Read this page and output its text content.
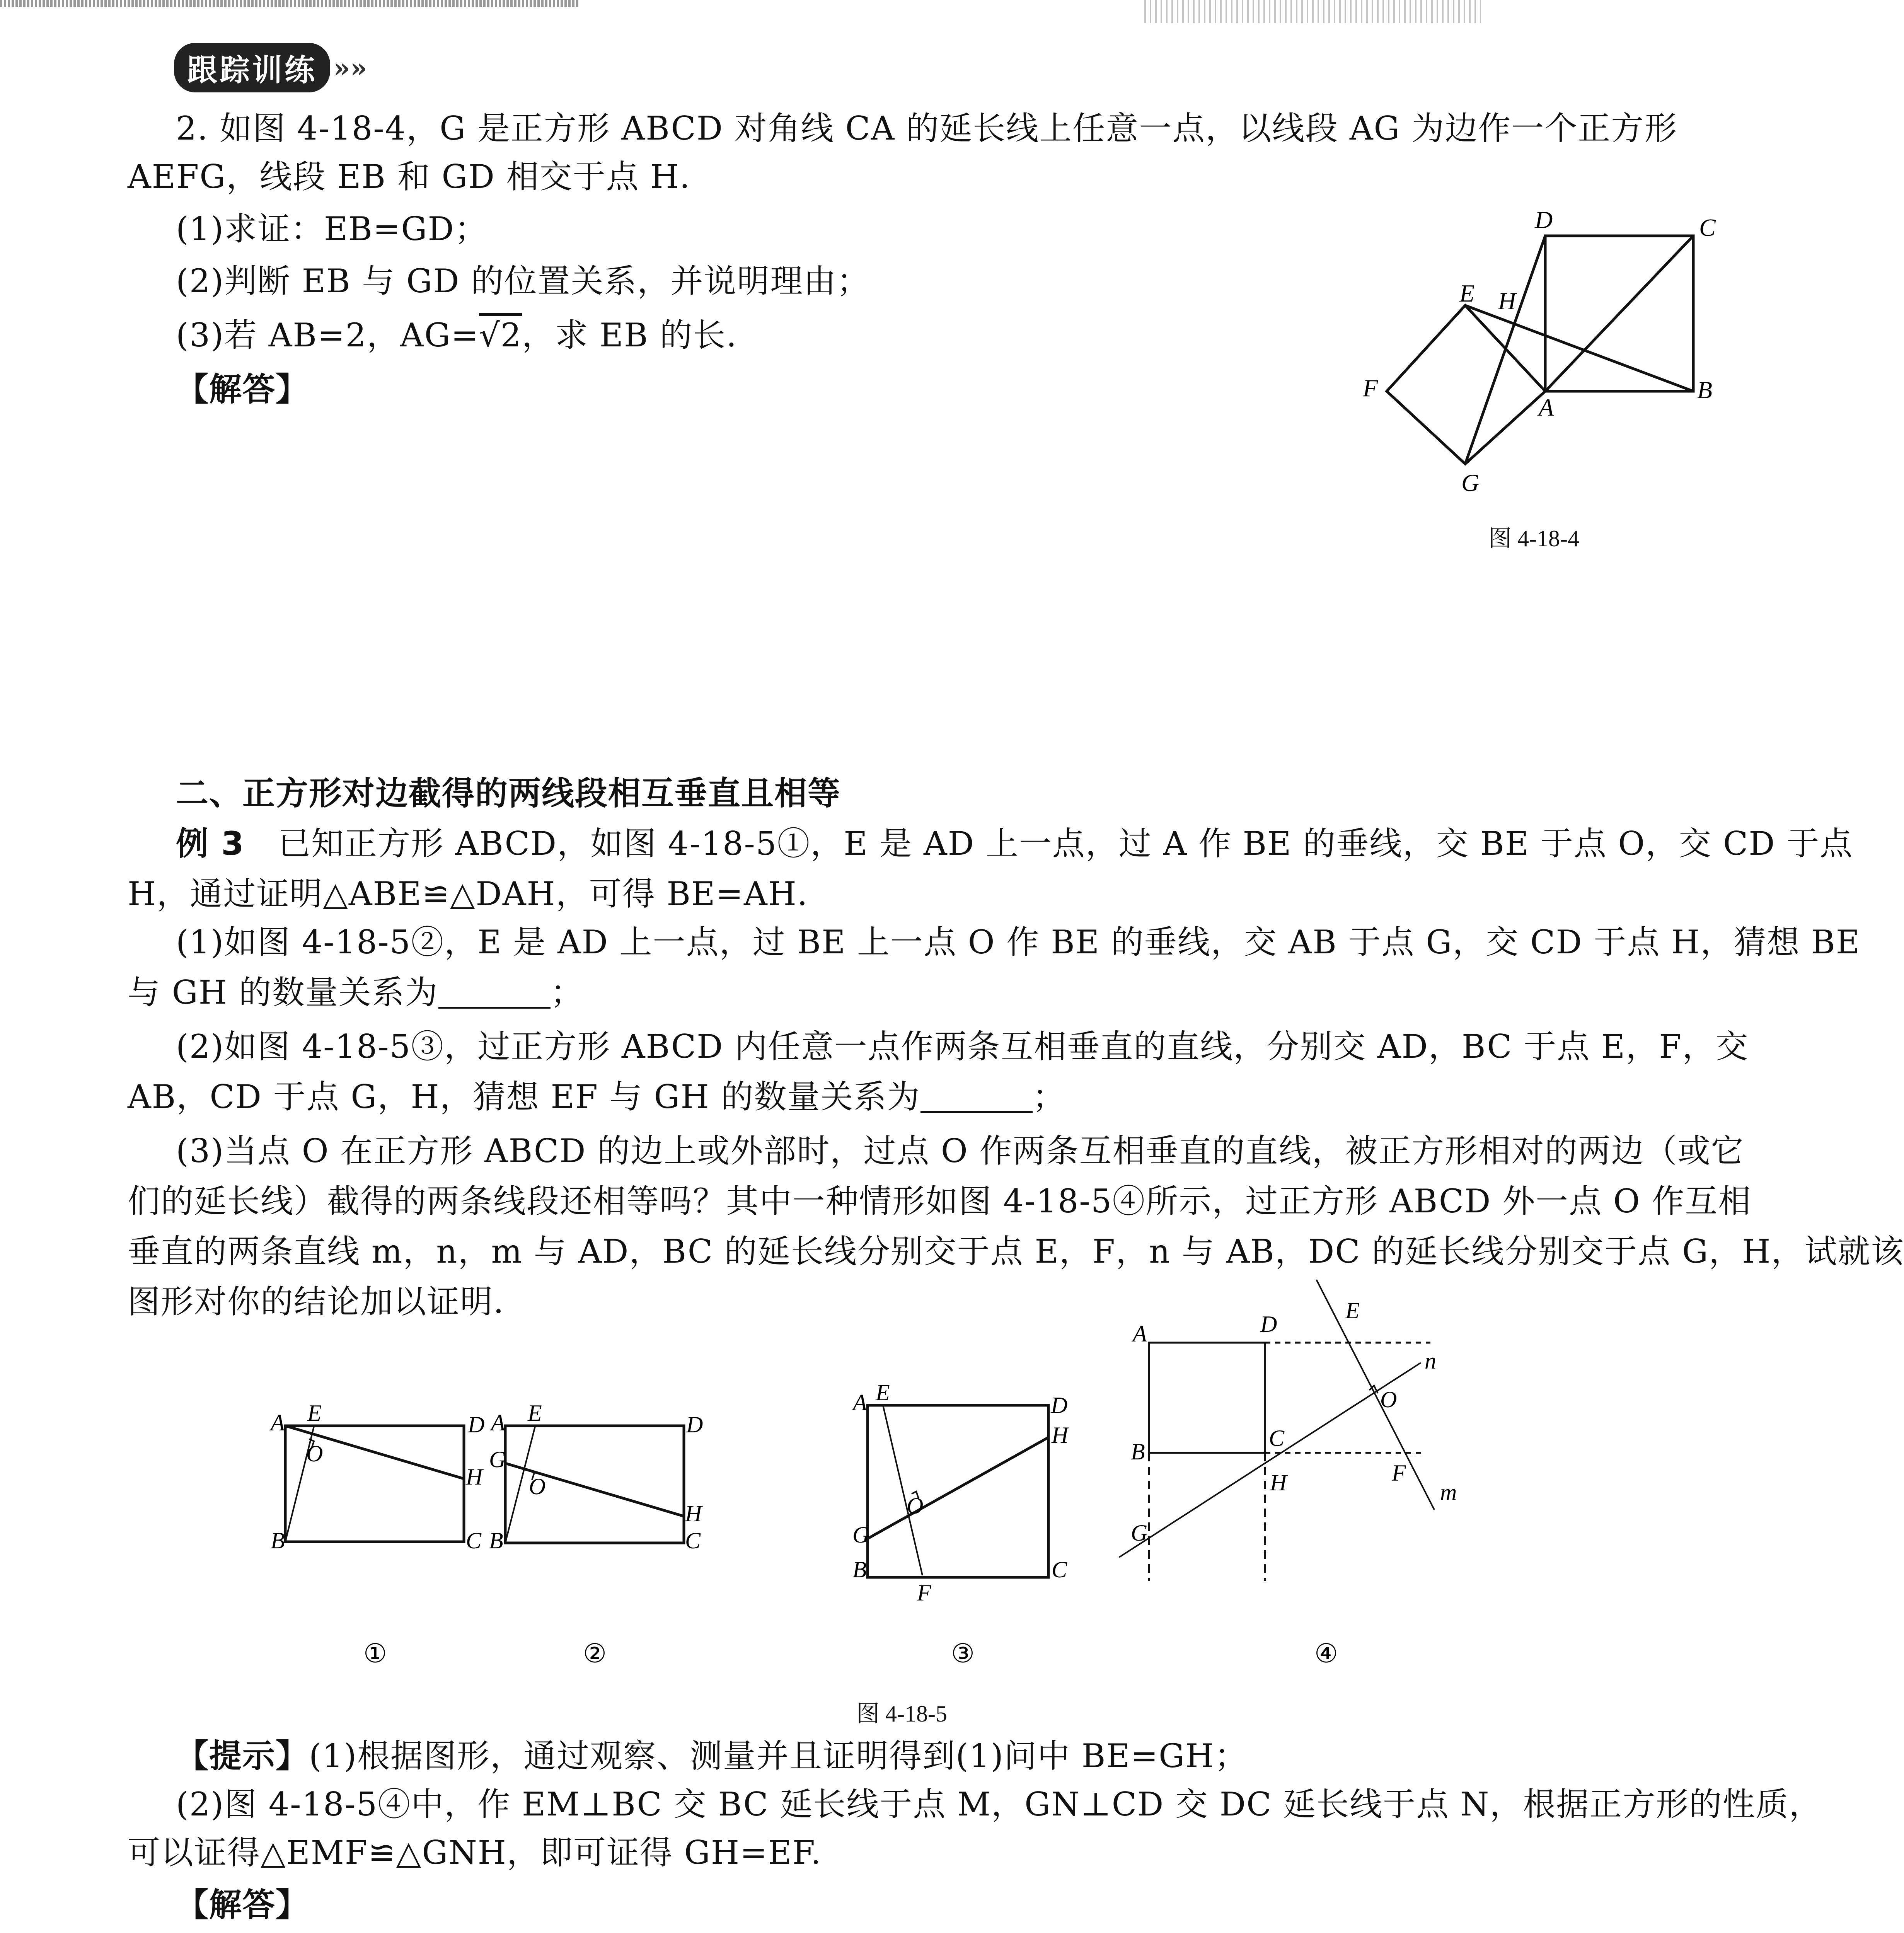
跟踪训练 »»
2. 如图 4-18-4，G 是正方形 ABCD 对角线 CA 的延长线上任意一点，以线段 AG 为边作一个正方形
AEFG，线段 EB 和 GD 相交于点 H.
(1)求证：EB=GD；
(2)判断 EB 与 GD 的位置关系，并说明理由；
(3)若 AB=2，AG=√2，求 EB 的长.
【解答】
D	C
E H
F
A
B
G
图 4-18-4
二、正方形对边截得的两线段相互垂直且相等
例 3 已知正方形 ABCD，如图 4-18-5①，E 是 AD 上一点，过 A 作 BE 的垂线，交 BE 于点 O，交 CD 于点
H，通过证明△ABE≌△DAH，可得 BE=AH.
(1)如图 4-18-5②，E 是 AD 上一点，过 BE 上一点 O 作 BE 的垂线，交 AB 于点 G，交 CD 于点 H，猜想 BE
与 GH 的数量关系为	；
(2)如图 4-18-5③，过正方形 ABCD 内任意一点作两条互相垂直的直线，分别交 AD，BC 于点 E，F，交
AB，CD 于点 G，H，猜想 EF 与 GH 的数量关系为	；
(3)当点 O 在正方形 ABCD 的边上或外部时，过点 O 作两条互相垂直的直线，被正方形相对的两边（或它
们的延长线）截得的两条线段还相等吗？其中一种情形如图 4-18-5④所示，过正方形 ABCD 外一点 O 作互相
垂直的两条直线 m，n，m 与 AD，BC 的延长线分别交于点 E，F，n 与 AB，DC 的延长线分别交于点 G，H，试就该
图形对你的结论加以证明.
A E	D
O
H
B	C
A E	D
G
O
H
B	C
A E	D
H
O
G
B	C
F
A	D
E
n
O
B
C
F
H	m
G
①	②	③	④
图 4-18-5
【提示】(1)根据图形，通过观察、测量并且证明得到(1)问中 BE=GH；
(2)图 4-18-5④中，作 EM⊥BC 交 BC 延长线于点 M，GN⊥CD 交 DC 延长线于点 N，根据正方形的性质，
可以证得△EMF≌△GNH，即可证得 GH=EF.
【解答】
